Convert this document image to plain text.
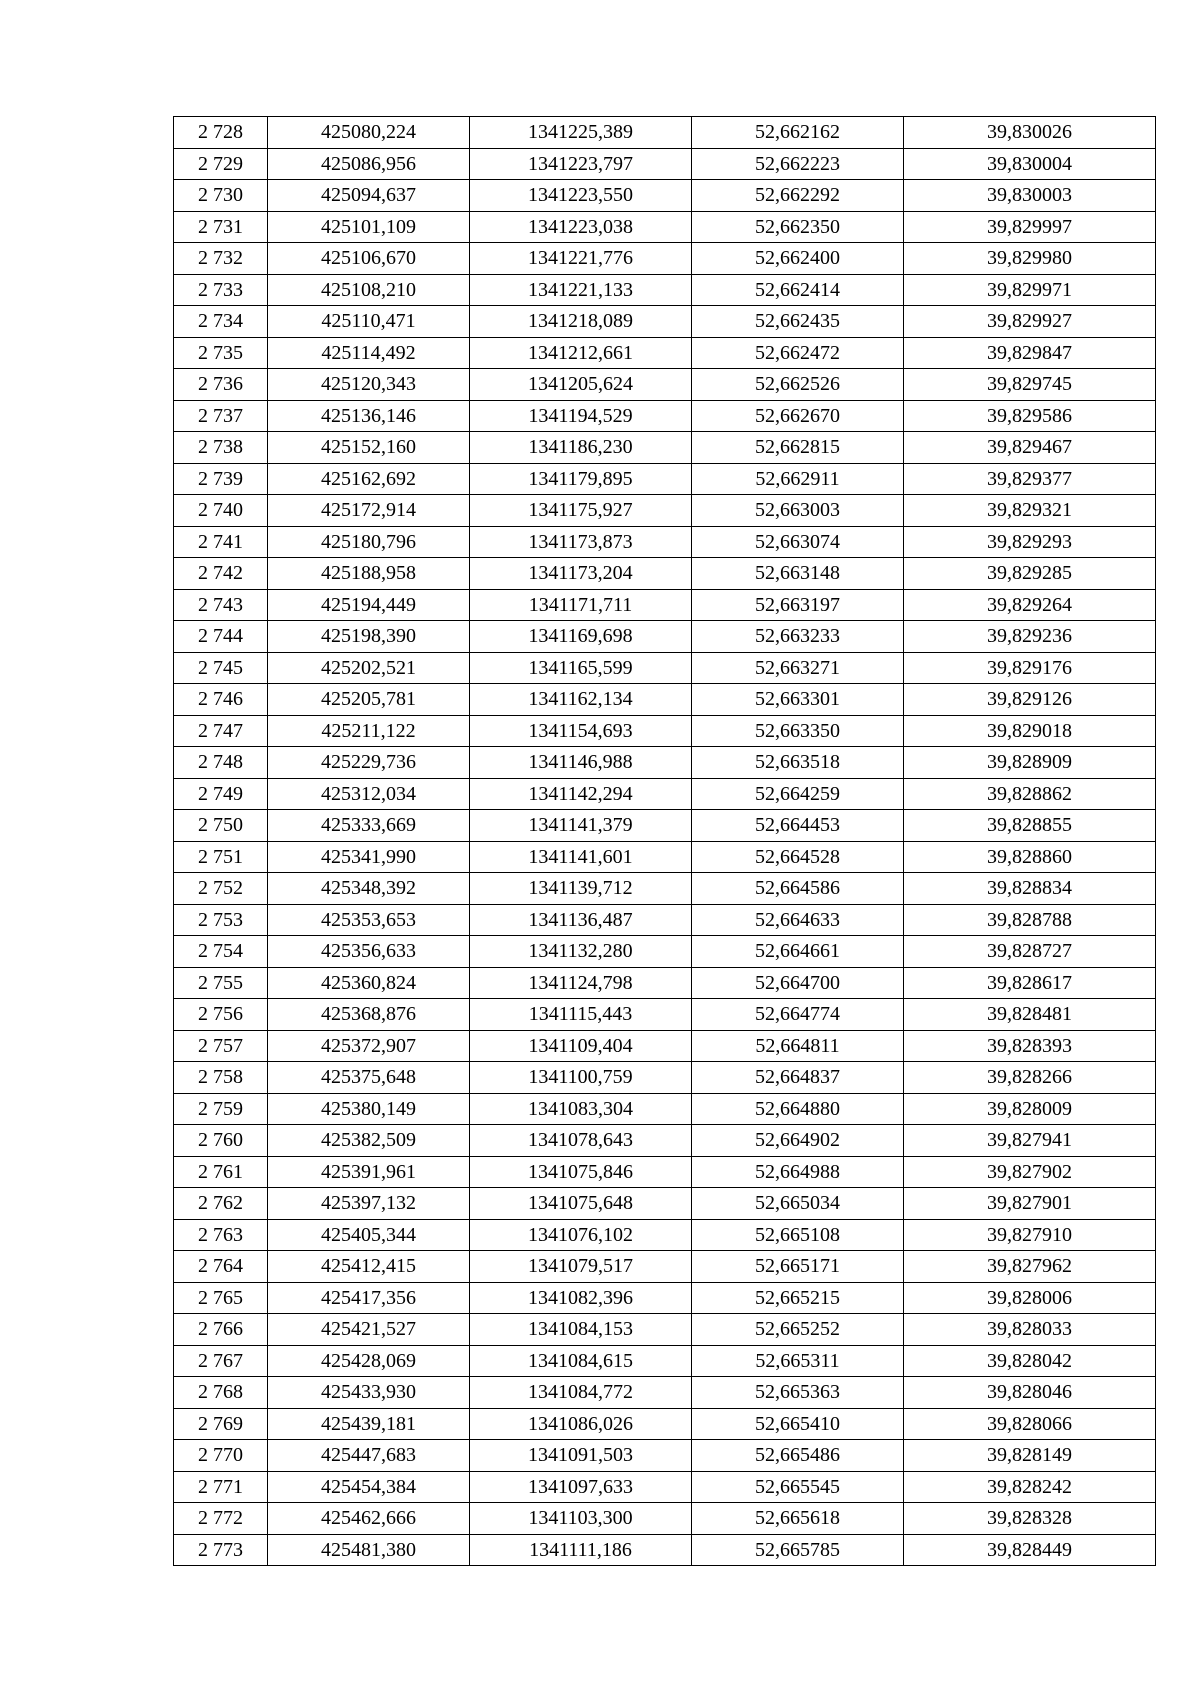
2 728	425080,224	1341225,389	52,662162	39,830026
2 729	425086,956	1341223,797	52,662223	39,830004
2 730	425094,637	1341223,550	52,662292	39,830003
2 731	425101,109	1341223,038	52,662350	39,829997
2 732	425106,670	1341221,776	52,662400	39,829980
2 733	425108,210	1341221,133	52,662414	39,829971
2 734	425110,471	1341218,089	52,662435	39,829927
2 735	425114,492	1341212,661	52,662472	39,829847
2 736	425120,343	1341205,624	52,662526	39,829745
2 737	425136,146	1341194,529	52,662670	39,829586
2 738	425152,160	1341186,230	52,662815	39,829467
2 739	425162,692	1341179,895	52,662911	39,829377
2 740	425172,914	1341175,927	52,663003	39,829321
2 741	425180,796	1341173,873	52,663074	39,829293
2 742	425188,958	1341173,204	52,663148	39,829285
2 743	425194,449	1341171,711	52,663197	39,829264
2 744	425198,390	1341169,698	52,663233	39,829236
2 745	425202,521	1341165,599	52,663271	39,829176
2 746	425205,781	1341162,134	52,663301	39,829126
2 747	425211,122	1341154,693	52,663350	39,829018
2 748	425229,736	1341146,988	52,663518	39,828909
2 749	425312,034	1341142,294	52,664259	39,828862
2 750	425333,669	1341141,379	52,664453	39,828855
2 751	425341,990	1341141,601	52,664528	39,828860
2 752	425348,392	1341139,712	52,664586	39,828834
2 753	425353,653	1341136,487	52,664633	39,828788
2 754	425356,633	1341132,280	52,664661	39,828727
2 755	425360,824	1341124,798	52,664700	39,828617
2 756	425368,876	1341115,443	52,664774	39,828481
2 757	425372,907	1341109,404	52,664811	39,828393
2 758	425375,648	1341100,759	52,664837	39,828266
2 759	425380,149	1341083,304	52,664880	39,828009
2 760	425382,509	1341078,643	52,664902	39,827941
2 761	425391,961	1341075,846	52,664988	39,827902
2 762	425397,132	1341075,648	52,665034	39,827901
2 763	425405,344	1341076,102	52,665108	39,827910
2 764	425412,415	1341079,517	52,665171	39,827962
2 765	425417,356	1341082,396	52,665215	39,828006
2 766	425421,527	1341084,153	52,665252	39,828033
2 767	425428,069	1341084,615	52,665311	39,828042
2 768	425433,930	1341084,772	52,665363	39,828046
2 769	425439,181	1341086,026	52,665410	39,828066
2 770	425447,683	1341091,503	52,665486	39,828149
2 771	425454,384	1341097,633	52,665545	39,828242
2 772	425462,666	1341103,300	52,665618	39,828328
2 773	425481,380	1341111,186	52,665785	39,828449
